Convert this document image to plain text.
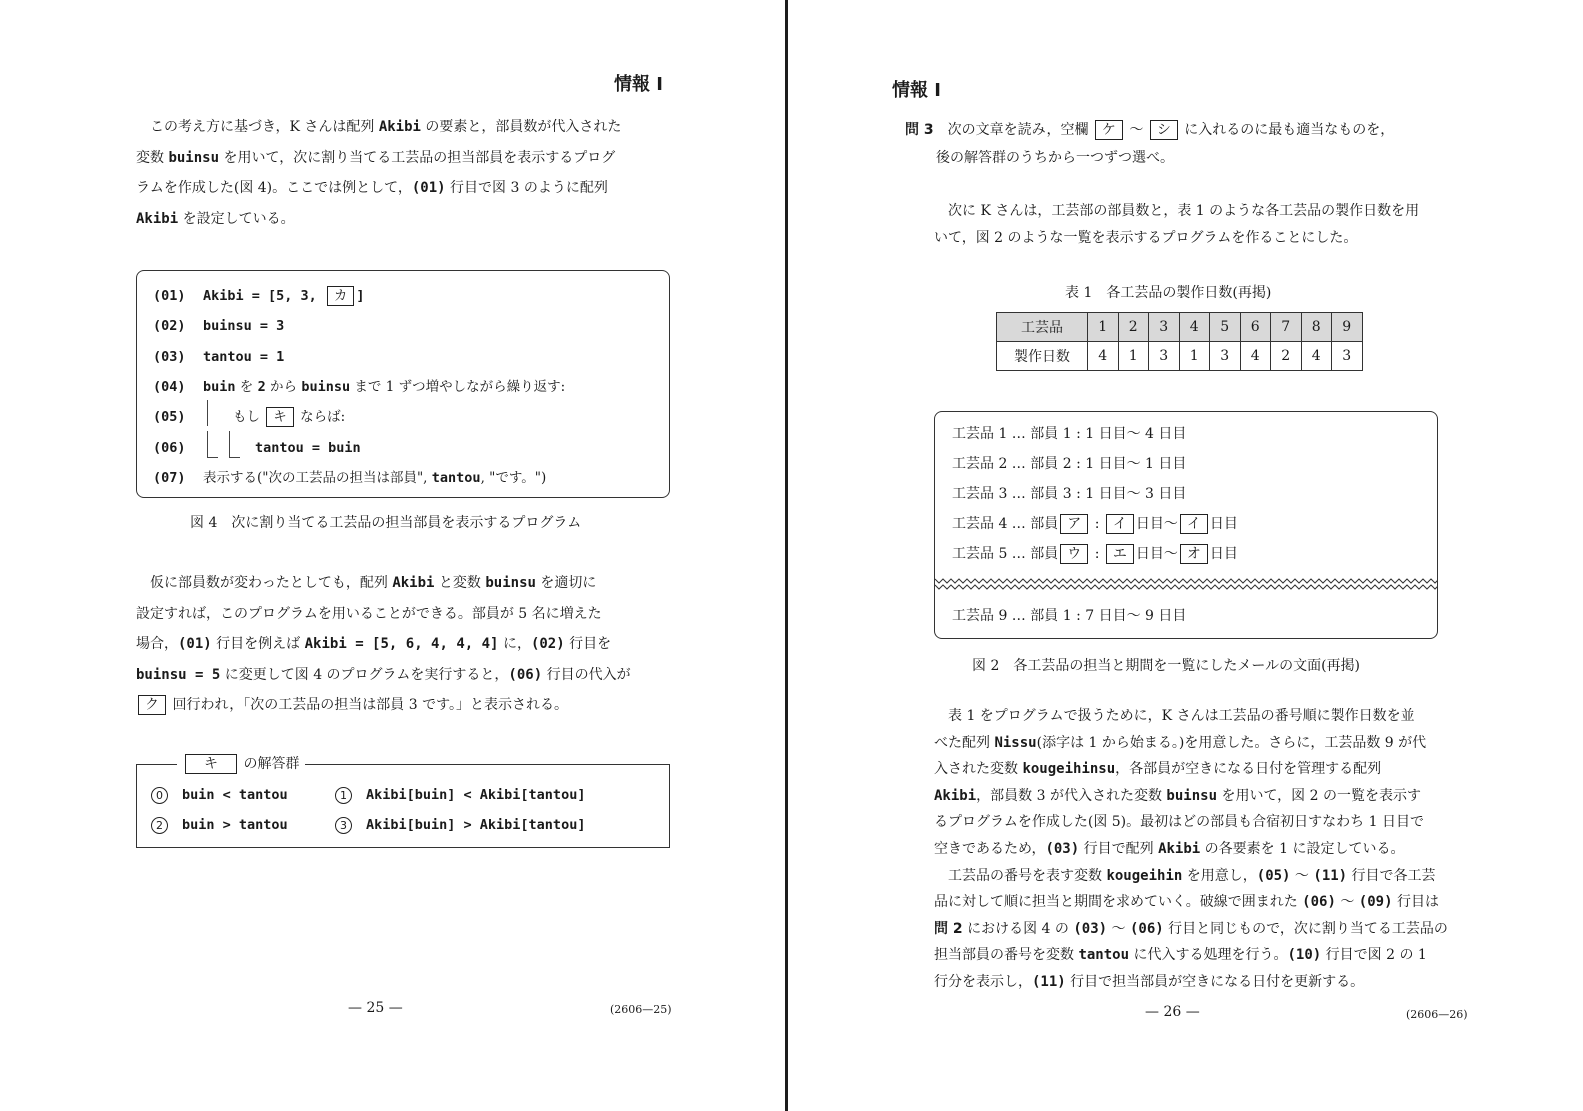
情報 I

この考え方に基づき，K さんは配列 Akibi の要素と，部員数が代入された

変数 buinsu を用いて，次に割り当てる工芸品の担当部員を表示するプログ

ラムを作成した(図 4)。ここでは例として，(01) 行目で図 3 のように配列

Akibi を設定している。

(01) Akibi = [5, 3, カ ]
(02) buinsu = 3
(03) tantou = 1
(04) buin を 2 から buinsu まで 1 ずつ増やしながら繰り返す:
(05)	もし キ ならば:
(06)	tantou = buin
(07) 表示する("次の工芸品の担当は部員", tantou, "です。")
図 4　次に割り当てる工芸品の担当部員を表示するプログラム

仮に部員数が変わったとしても，配列 Akibi と変数 buinsu を適切に

設定すれば，このプログラムを用いることができる。部員が 5 名に増えた

場合，(01) 行目を例えば Akibi = [5, 6, 4, 4, 4] に，(02) 行目を

buinsu = 5 に変更して図 4 のプログラムを実行すると，(06) 行目の代入が

ク 回行われ，「次の工芸品の担当は部員 3 です。」と表示される。

キ の解答群
0 buin < tantou	1 Akibi[buin] < Akibi[tantou]
2 buin > tantou	3 Akibi[buin] > Akibi[tantou]
— 25 —	(2606—25)
情報 I

問 3　次の文章を読み，空欄 ケ ～ シ に入れるのに最も適当なものを，

後の解答群のうちから一つずつ選べ。

次に K さんは，工芸部の部員数と，表 1 のような各工芸品の製作日数を用

いて，図 2 のような一覧を表示するプログラムを作ることにした。

表 1　各工芸品の製作日数(再掲)
工芸品	1	2	3	4	5	6	7	8	9
製作日数	4	1	3	1	3	4	2	4	3
工芸品 1 … 部員 1 : 1 日目～ 4 日目
工芸品 2 … 部員 2 : 1 日目～ 1 日目
工芸品 3 … 部員 3 : 1 日目～ 3 日目
工芸品 4 … 部員 ア : イ 日目～ イ 日目
工芸品 5 … 部員 ウ : エ 日目～ オ 日目
工芸品 9 … 部員 1 : 7 日目～ 9 日目
図 2　各工芸品の担当と期間を一覧にしたメールの文面(再掲)

表 1 をプログラムで扱うために，K さんは工芸品の番号順に製作日数を並

べた配列 Nissu(添字は 1 から始まる。)を用意した。さらに，工芸品数 9 が代

入された変数 kougeihinsu，各部員が空きになる日付を管理する配列

Akibi，部員数 3 が代入された変数 buinsu を用いて，図 2 の一覧を表示す

るプログラムを作成した(図 5)。最初はどの部員も合宿初日すなわち 1 日目で

空きであるため，(03) 行目で配列 Akibi の各要素を 1 に設定している。

　工芸品の番号を表す変数 kougeihin を用意し，(05) ～ (11) 行目で各工芸

品に対して順に担当と期間を求めていく。破線で囲まれた (06) ～ (09) 行目は

問 2 における図 4 の (03) ～ (06) 行目と同じもので，次に割り当てる工芸品の

担当部員の番号を変数 tantou に代入する処理を行う。(10) 行目で図 2 の 1

行分を表示し，(11) 行目で担当部員が空きになる日付を更新する。

— 26 —	(2606—26)
